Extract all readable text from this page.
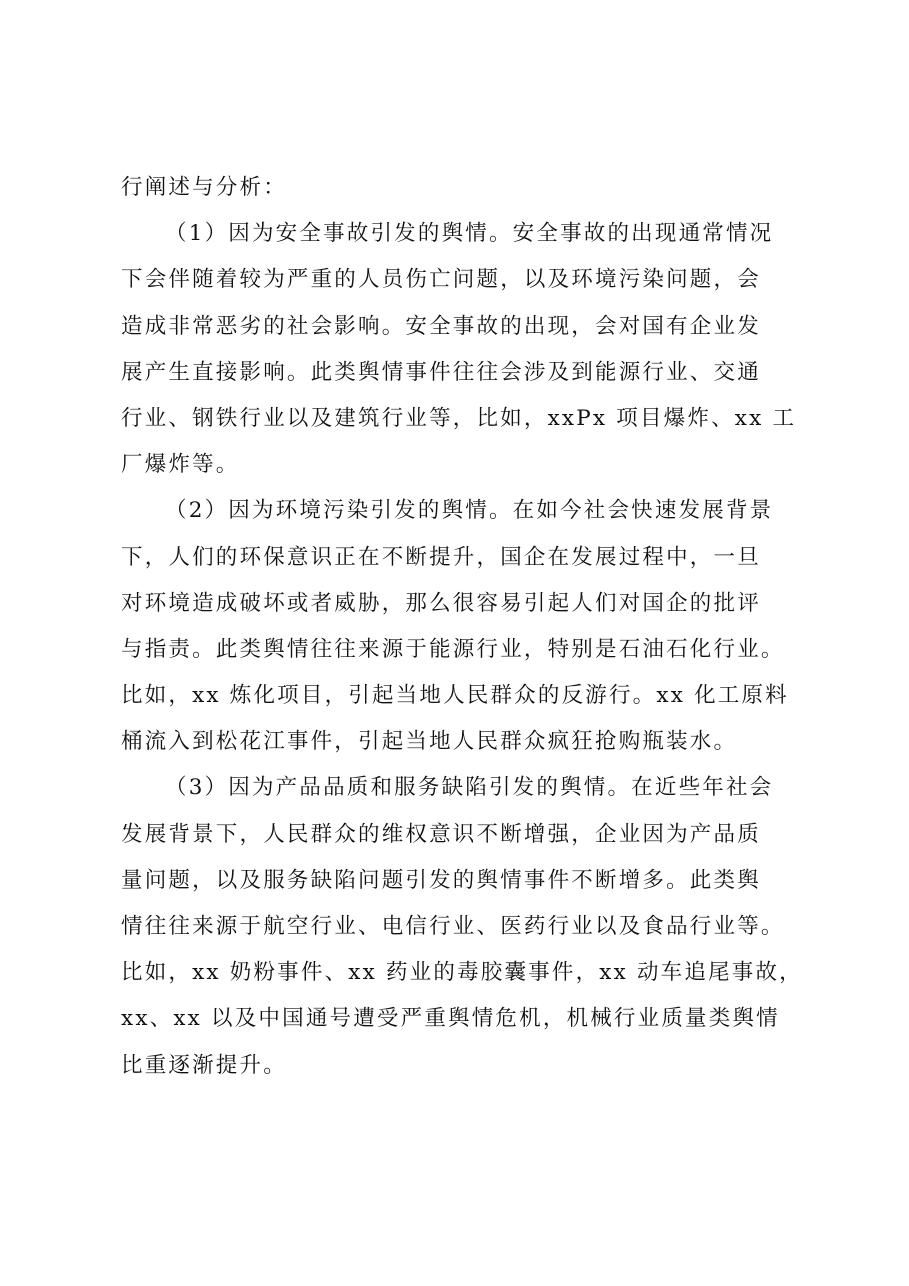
行阐述与分析：
（1）因为安全事故引发的舆情。安全事故的出现通常情况
下会伴随着较为严重的人员伤亡问题，以及环境污染问题，会
造成非常恶劣的社会影响。安全事故的出现，会对国有企业发
展产生直接影响。此类舆情事件往往会涉及到能源行业、交通
行业、钢铁行业以及建筑行业等，比如，xxPx 项目爆炸、xx 工
厂爆炸等。
（2）因为环境污染引发的舆情。在如今社会快速发展背景
下，人们的环保意识正在不断提升，国企在发展过程中，一旦
对环境造成破坏或者威胁，那么很容易引起人们对国企的批评
与指责。此类舆情往往来源于能源行业，特别是石油石化行业。
比如，xx 炼化项目，引起当地人民群众的反游行。xx 化工原料
桶流入到松花江事件，引起当地人民群众疯狂抢购瓶装水。
（3）因为产品品质和服务缺陷引发的舆情。在近些年社会
发展背景下，人民群众的维权意识不断增强，企业因为产品质
量问题，以及服务缺陷问题引发的舆情事件不断增多。此类舆
情往往来源于航空行业、电信行业、医药行业以及食品行业等。
比如，xx 奶粉事件、xx 药业的毒胶囊事件，xx 动车追尾事故，
xx、xx 以及中国通号遭受严重舆情危机，机械行业质量类舆情
比重逐渐提升。
